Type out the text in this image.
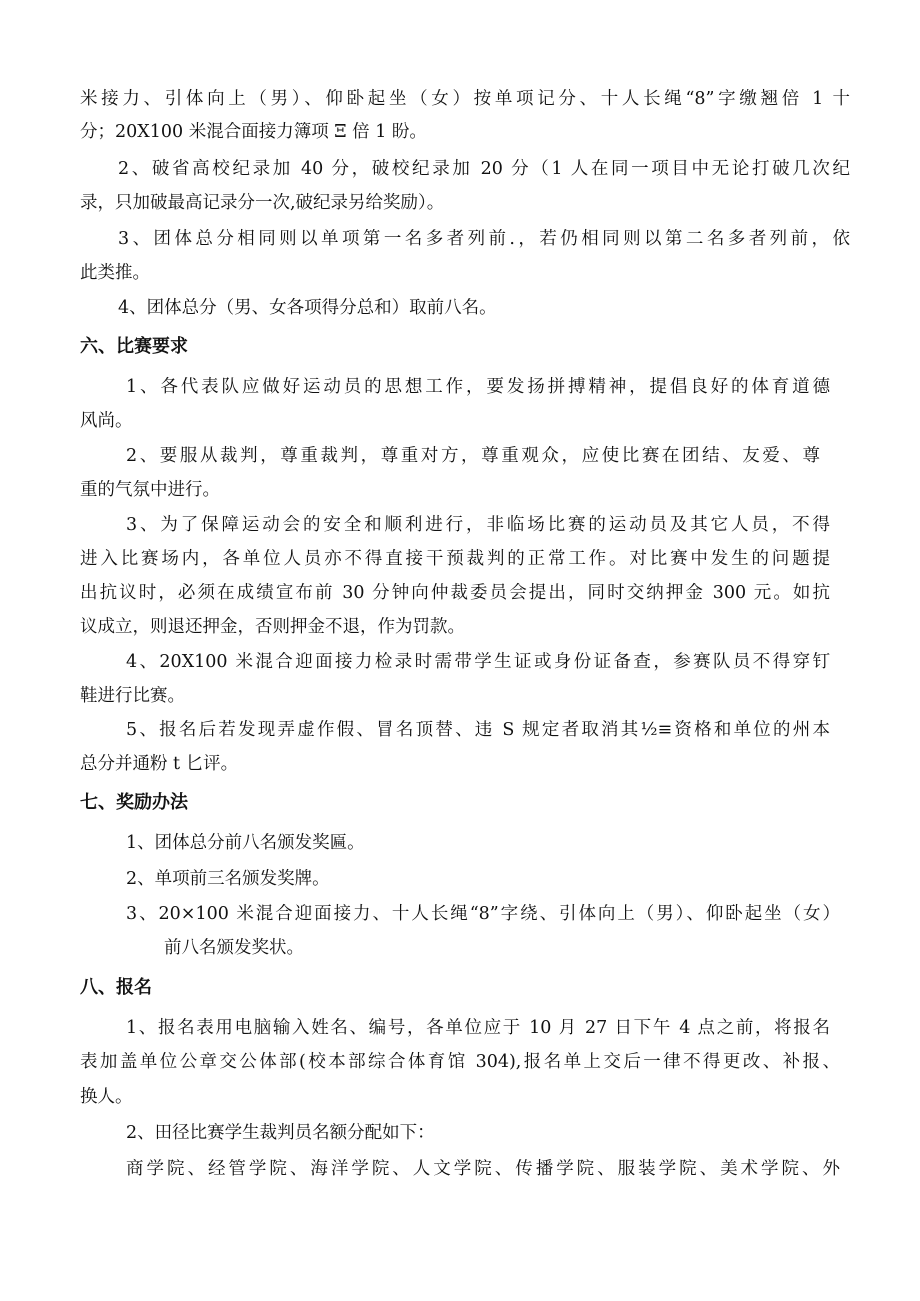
米接力、引体向上（男）、仰卧起坐（女）按单项记分、十人长绳“8”字缴翘倍 1 十
分；20X100 米混合面接力簿项 Ξ 倍 1 盼。
2、破省高校纪录加 40 分，破校纪录加 20 分（1 人在同一项目中无论打破几次纪
录，只加破最高记录分一次,破纪录另给奖励）。
3、团体总分相同则以单项第一名多者列前.，若仍相同则以第二名多者列前，依
此类推。
4、团体总分（男、女各项得分总和）取前八名。
六、比赛要求
1、各代表队应做好运动员的思想工作，要发扬拼搏精神，提倡良好的体育道德
风尚。
2、要服从裁判，尊重裁判，尊重对方，尊重观众，应使比赛在团结、友爱、尊
重的气氛中进行。
3、为了保障运动会的安全和顺利进行，非临场比赛的运动员及其它人员，不得
进入比赛场内，各单位人员亦不得直接干预裁判的正常工作。对比赛中发生的问题提
出抗议时，必须在成绩宣布前 30 分钟向仲裁委员会提出，同时交纳押金 300 元。如抗
议成立，则退还押金，否则押金不退，作为罚款。
4、20X100 米混合迎面接力检录时需带学生证或身份证备查，参赛队员不得穿钉
鞋进行比赛。
5、报名后若发现弄虚作假、冒名顶替、违 S 规定者取消其½≡资格和单位的州本
总分并通粉 t 匕评。
七、奖励办法
1、团体总分前八名颁发奖匾。
2、单项前三名颁发奖牌。
3、20×100 米混合迎面接力、十人长绳“8”字绕、引体向上（男）、仰卧起坐（女）
前八名颁发奖状。
八、报名
1、报名表用电脑输入姓名、编号，各单位应于 10 月 27 日下午 4 点之前，将报名
表加盖单位公章交公体部(校本部综合体育馆 304),报名单上交后一律不得更改、补报、
换人。
2、田径比赛学生裁判员名额分配如下：
商学院、经管学院、海洋学院、人文学院、传播学院、服装学院、美术学院、外
